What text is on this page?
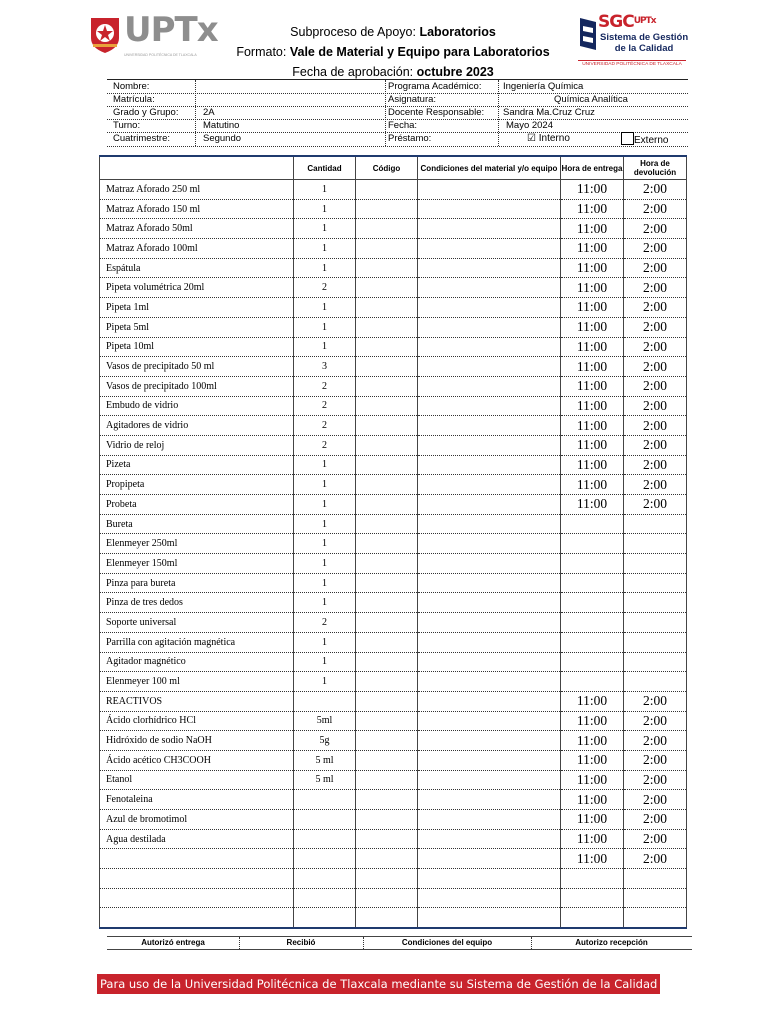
UPTx
UNIVERSIDAD POLITÉCNICA DE TLAXCALA
Subproceso de Apoyo: Laboratorios
Formato: Vale de Material y Equipo para Laboratorios
Fecha de aprobación: octubre 2023
$SGC^{UPTx}$
Sistema de Gestión
de la Calidad
UNIVERSIDAD POLITÉCNICA DE TLAXCALA
Nombre:	Programa Académico: Ingeniería Química
Matrícula:	Asignatura:	Química Analítica
Grado y Grupo:	2A	Docente Responsable: Sandra Ma.Cruz Cruz
Turno:	Matutino	Fecha:	Mayo 2024
Cuatrimestre:	Segundo	Préstamo:	☑ Interno	Externo
	Cantidad	Código	Condiciones del material y/o equipo	Hora de entrega	Hora de devolución
Matraz Aforado 250 ml	1			11:00	2:00
Matraz Aforado 150 ml	1			11:00	2:00
Matraz Aforado 50ml	1			11:00	2:00
Matraz Aforado 100ml	1			11:00	2:00
Espátula	1			11:00	2:00
Pipeta volumétrica 20ml	2			11:00	2:00
Pipeta 1ml	1			11:00	2:00
Pipeta 5ml	1			11:00	2:00
Pipeta 10ml	1			11:00	2:00
Vasos de precipitado 50 ml	3			11:00	2:00
Vasos de precipitado 100ml	2			11:00	2:00
Embudo de vidrio	2			11:00	2:00
Agitadores de vidrio	2			11:00	2:00
Vidrio de reloj	2			11:00	2:00
Pizeta	1			11:00	2:00
Propipeta	1			11:00	2:00
Probeta	1			11:00	2:00
Bureta	1				
Elenmeyer 250ml	1				
Elenmeyer 150ml	1				
Pinza para bureta	1				
Pinza de tres dedos	1				
Soporte universal	2				
Parrilla con agitación magnética	1				
Agitador magnético	1				
Elenmeyer 100 ml	1				
REACTIVOS				11:00	2:00
Ácido clorhídrico HCl	5ml			11:00	2:00
Hidróxido de sodio NaOH	5g			11:00	2:00
Ácido acético CH3COOH	5 ml			11:00	2:00
Etanol	5 ml			11:00	2:00
Fenotaleina				11:00	2:00
Azul de bromotimol				11:00	2:00
Agua destilada				11:00	2:00
				11:00	2:00

Autorizó entrega	Recibió	Condiciones del equipo	Autorizo recepción
Para uso de la Universidad Politécnica de Tlaxcala mediante su Sistema de Gestión de la Calidad
